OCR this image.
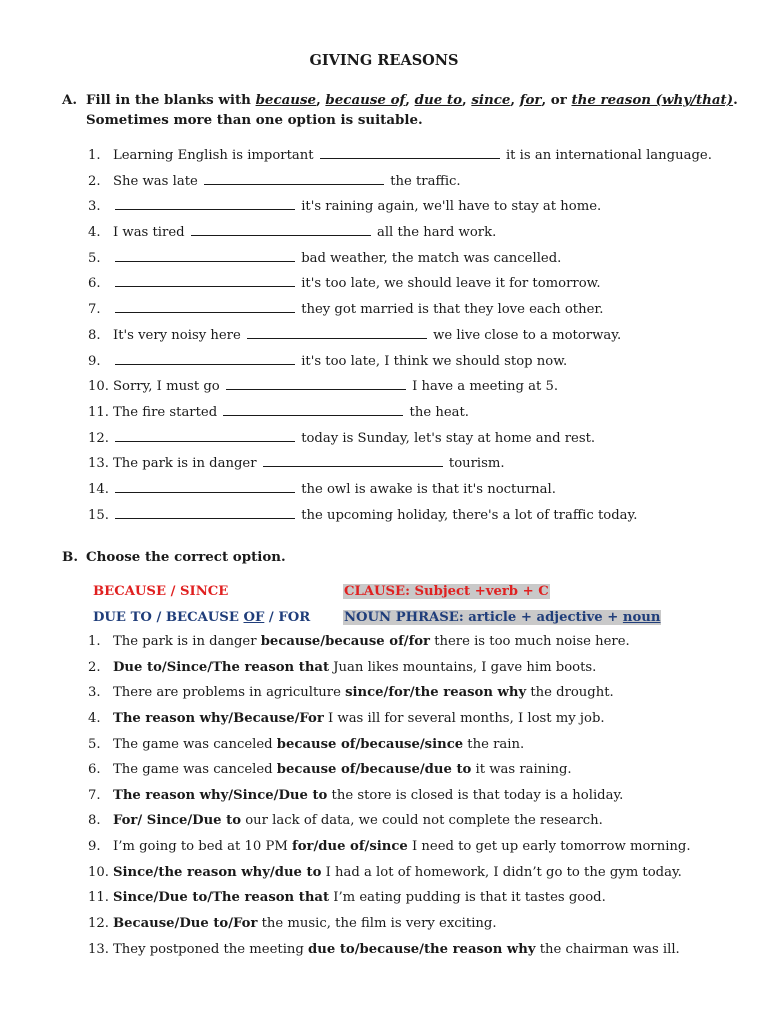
GIVING REASONS
A. Fill in the blanks with because, because of, due to, since, for, or the reason (why/that).
Sometimes more than one option is suitable.
1. Learning English is important	it is an international language.
2. She was late	the traffic.
3.	it's raining again, we'll have to stay at home.
4. I was tired	all the hard work.
5.	bad weather, the match was cancelled.
6.	it's too late, we should leave it for tomorrow.
7.	they got married is that they love each other.
8. It's very noisy here	we live close to a motorway.
9.	it's too late, I think we should stop now.
10. Sorry, I must go	I have a meeting at 5.
11. The fire started	the heat.
12.	today is Sunday, let's stay at home and rest.
13. The park is in danger	tourism.
14.	the owl is awake is that it's nocturnal.
15.	the upcoming holiday, there's a lot of traffic today.
B. Choose the correct option.
BECAUSE / SINCE	CLAUSE: Subject +verb + C
DUE TO / BECAUSE OF / FOR	NOUN PHRASE: article + adjective + noun
1. The park is in danger because/because of/for there is too much noise here.
2. Due to/Since/The reason that Juan likes mountains, I gave him boots.
3. There are problems in agriculture since/for/the reason why the drought.
4. The reason why/Because/For I was ill for several months, I lost my job.
5. The game was canceled because of/because/since the rain.
6. The game was canceled because of/because/due to it was raining.
7. The reason why/Since/Due to the store is closed is that today is a holiday.
8. For/ Since/Due to our lack of data, we could not complete the research.
9. I’m going to bed at 10 PM for/due of/since I need to get up early tomorrow morning.
10. Since/the reason why/due to I had a lot of homework, I didn’t go to the gym today.
11. Since/Due to/The reason that I’m eating pudding is that it tastes good.
12. Because/Due to/For the music, the film is very exciting.
13. They postponed the meeting due to/because/the reason why the chairman was ill.
